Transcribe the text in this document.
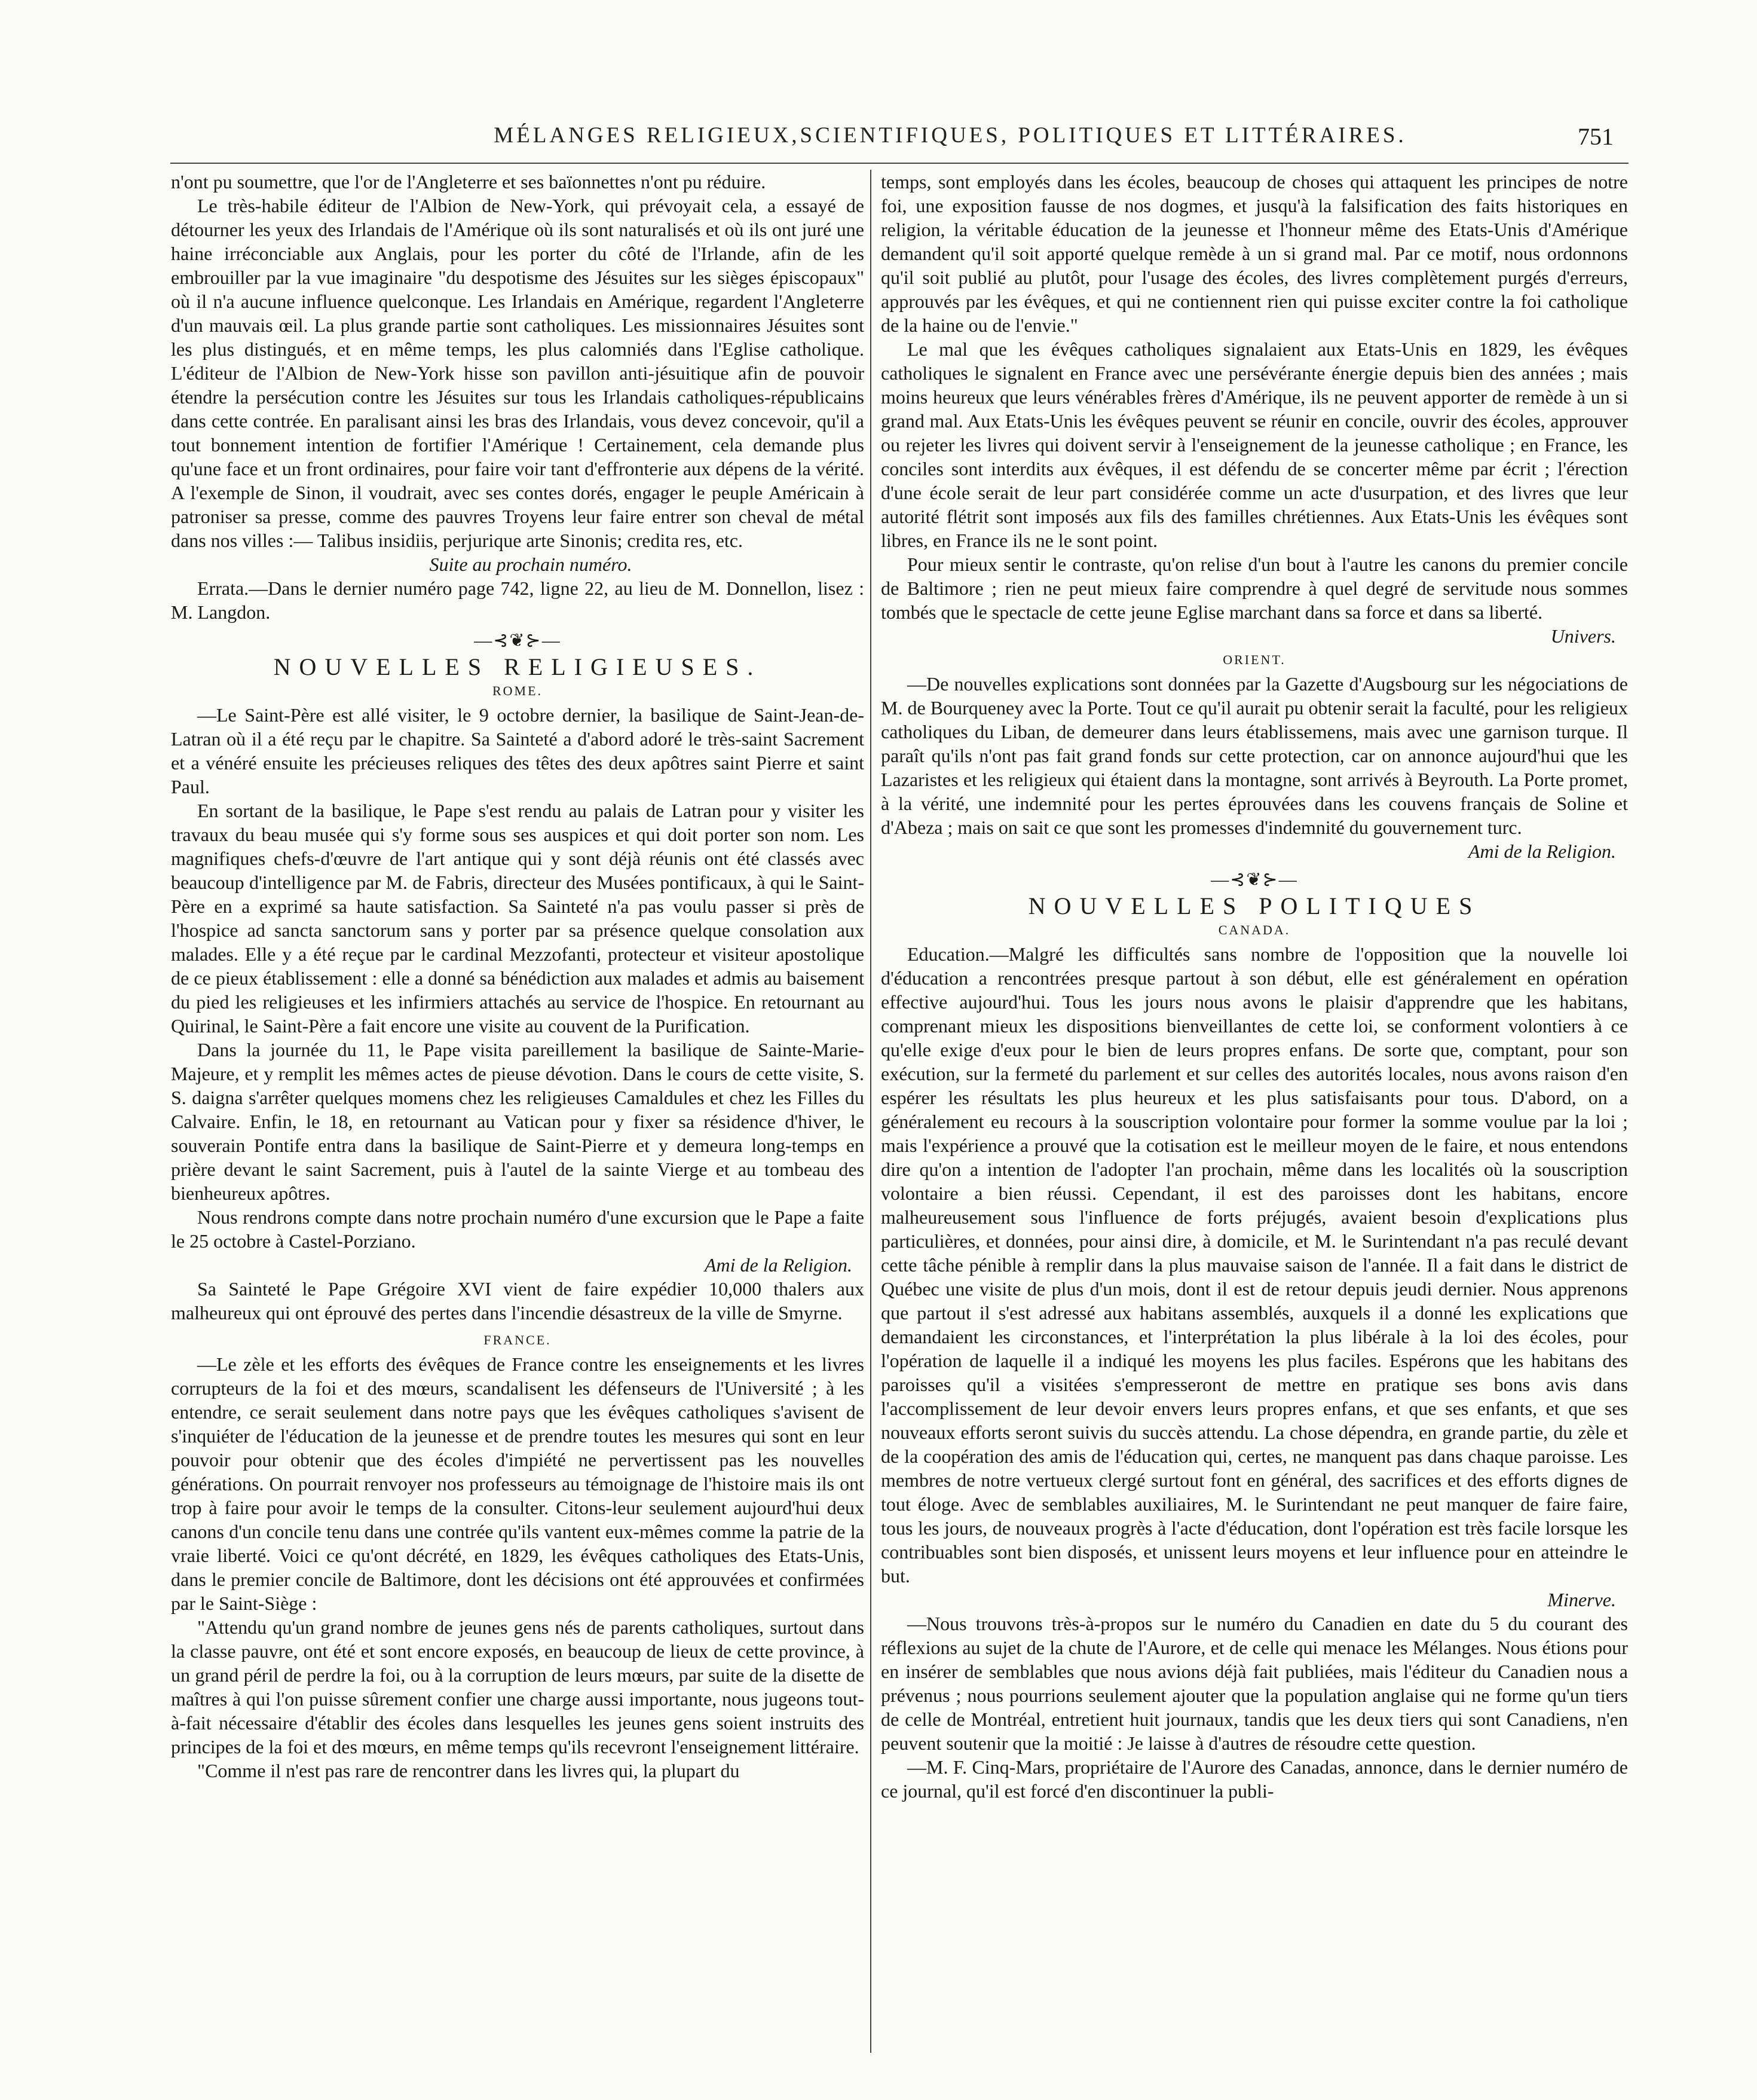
MÉLANGES RELIGIEUX,SCIENTIFIQUES, POLITIQUES ET LITTÉRAIRES.	751

n'ont pu soumettre, que l'or de l'Angleterre et ses baïonnettes n'ont pu réduire.

Le très-habile éditeur de l'Albion de New-York, qui prévoyait cela, a essayé de détourner les yeux des Irlandais de l'Amérique où ils sont naturalisés et où ils ont juré une haine irréconciable aux Anglais, pour les porter du côté de l'Irlande, afin de les embrouiller par la vue imaginaire "du despotisme des Jésuites sur les sièges épiscopaux" où il n'a aucune influence quelconque. Les Irlandais en Amérique, regardent l'Angleterre d'un mauvais œil. La plus grande partie sont catholiques. Les missionnaires Jésuites sont les plus distingués, et en même temps, les plus calomniés dans l'Eglise catholique. L'éditeur de l'Albion de New-York hisse son pavillon anti-jésuitique afin de pouvoir étendre la persécution contre les Jésuites sur tous les Irlandais catholiques-républicains dans cette contrée. En paralisant ainsi les bras des Irlandais, vous devez concevoir, qu'il a tout bonnement intention de fortifier l'Amérique ! Certainement, cela demande plus qu'une face et un front ordinaires, pour faire voir tant d'effronterie aux dépens de la vérité. A l'exemple de Sinon, il voudrait, avec ses contes dorés, engager le peuple Américain à patroniser sa presse, comme des pauvres Troyens leur faire entrer son cheval de métal dans nos villes :— Talibus insidiis, perjurique arte Sinonis; credita res, etc.

Suite au prochain numéro.

Errata.—Dans le dernier numéro page 742, ligne 22, au lieu de M. Donnellon, lisez : M. Langdon.

—⊰❦⊱—
NOUVELLES RELIGIEUSES.
ROME.

—Le Saint-Père est allé visiter, le 9 octobre dernier, la basilique de Saint-Jean-de-Latran où il a été reçu par le chapitre. Sa Sainteté a d'abord adoré le très-saint Sacrement et a vénéré ensuite les précieuses reliques des têtes des deux apôtres saint Pierre et saint Paul.

En sortant de la basilique, le Pape s'est rendu au palais de Latran pour y visiter les travaux du beau musée qui s'y forme sous ses auspices et qui doit porter son nom. Les magnifiques chefs-d'œuvre de l'art antique qui y sont déjà réunis ont été classés avec beaucoup d'intelligence par M. de Fabris, directeur des Musées pontificaux, à qui le Saint-Père en a exprimé sa haute satisfaction. Sa Sainteté n'a pas voulu passer si près de l'hospice ad sancta sanctorum sans y porter par sa présence quelque consolation aux malades. Elle y a été reçue par le cardinal Mezzofanti, protecteur et visiteur apostolique de ce pieux établissement : elle a donné sa bénédiction aux malades et admis au baisement du pied les religieuses et les infirmiers attachés au service de l'hospice. En retournant au Quirinal, le Saint-Père a fait encore une visite au couvent de la Purification.

Dans la journée du 11, le Pape visita pareillement la basilique de Sainte-Marie-Majeure, et y remplit les mêmes actes de pieuse dévotion. Dans le cours de cette visite, S. S. daigna s'arrêter quelques momens chez les religieuses Camaldules et chez les Filles du Calvaire. Enfin, le 18, en retournant au Vatican pour y fixer sa résidence d'hiver, le souverain Pontife entra dans la basilique de Saint-Pierre et y demeura long-temps en prière devant le saint Sacrement, puis à l'autel de la sainte Vierge et au tombeau des bienheureux apôtres.

Nous rendrons compte dans notre prochain numéro d'une excursion que le Pape a faite le 25 octobre à Castel-Porziano.

Ami de la Religion.

Sa Sainteté le Pape Grégoire XVI vient de faire expédier 10,000 thalers aux malheureux qui ont éprouvé des pertes dans l'incendie désastreux de la ville de Smyrne.

FRANCE.

—Le zèle et les efforts des évêques de France contre les enseignements et les livres corrupteurs de la foi et des mœurs, scandalisent les défenseurs de l'Université ; à les entendre, ce serait seulement dans notre pays que les évêques catholiques s'avisent de s'inquiéter de l'éducation de la jeunesse et de prendre toutes les mesures qui sont en leur pouvoir pour obtenir que des écoles d'impiété ne pervertissent pas les nouvelles générations. On pourrait renvoyer nos professeurs au témoignage de l'histoire mais ils ont trop à faire pour avoir le temps de la consulter. Citons-leur seulement aujourd'hui deux canons d'un concile tenu dans une contrée qu'ils vantent eux-mêmes comme la patrie de la vraie liberté. Voici ce qu'ont décrété, en 1829, les évêques catholiques des Etats-Unis, dans le premier concile de Baltimore, dont les décisions ont été approuvées et confirmées par le Saint-Siège :

"Attendu qu'un grand nombre de jeunes gens nés de parents catholiques, surtout dans la classe pauvre, ont été et sont encore exposés, en beaucoup de lieux de cette province, à un grand péril de perdre la foi, ou à la corruption de leurs mœurs, par suite de la disette de maîtres à qui l'on puisse sûrement confier une charge aussi importante, nous jugeons tout-à-fait nécessaire d'établir des écoles dans lesquelles les jeunes gens soient instruits des principes de la foi et des mœurs, en même temps qu'ils recevront l'enseignement littéraire.

"Comme il n'est pas rare de rencontrer dans les livres qui, la plupart du

temps, sont employés dans les écoles, beaucoup de choses qui attaquent les principes de notre foi, une exposition fausse de nos dogmes, et jusqu'à la falsification des faits historiques en religion, la véritable éducation de la jeunesse et l'honneur même des Etats-Unis d'Amérique demandent qu'il soit apporté quelque remède à un si grand mal. Par ce motif, nous ordonnons qu'il soit publié au plutôt, pour l'usage des écoles, des livres complètement purgés d'erreurs, approuvés par les évêques, et qui ne contiennent rien qui puisse exciter contre la foi catholique de la haine ou de l'envie."

Le mal que les évêques catholiques signalaient aux Etats-Unis en 1829, les évêques catholiques le signalent en France avec une persévérante énergie depuis bien des années ; mais moins heureux que leurs vénérables frères d'Amérique, ils ne peuvent apporter de remède à un si grand mal. Aux Etats-Unis les évêques peuvent se réunir en concile, ouvrir des écoles, approuver ou rejeter les livres qui doivent servir à l'enseignement de la jeunesse catholique ; en France, les conciles sont interdits aux évêques, il est défendu de se concerter même par écrit ; l'érection d'une école serait de leur part considérée comme un acte d'usurpation, et des livres que leur autorité flétrit sont imposés aux fils des familles chrétiennes. Aux Etats-Unis les évêques sont libres, en France ils ne le sont point.

Pour mieux sentir le contraste, qu'on relise d'un bout à l'autre les canons du premier concile de Baltimore ; rien ne peut mieux faire comprendre à quel degré de servitude nous sommes tombés que le spectacle de cette jeune Eglise marchant dans sa force et dans sa liberté.

Univers.
ORIENT.

—De nouvelles explications sont données par la Gazette d'Augsbourg sur les négociations de M. de Bourqueney avec la Porte. Tout ce qu'il aurait pu obtenir serait la faculté, pour les religieux catholiques du Liban, de demeurer dans leurs établissemens, mais avec une garnison turque. Il paraît qu'ils n'ont pas fait grand fonds sur cette protection, car on annonce aujourd'hui que les Lazaristes et les religieux qui étaient dans la montagne, sont arrivés à Beyrouth. La Porte promet, à la vérité, une indemnité pour les pertes éprouvées dans les couvens français de Soline et d'Abeza ; mais on sait ce que sont les promesses d'indemnité du gouvernement turc.

Ami de la Religion.
—⊰❦⊱—
NOUVELLES POLITIQUES
CANADA.

Education.—Malgré les difficultés sans nombre de l'opposition que la nouvelle loi d'éducation a rencontrées presque partout à son début, elle est généralement en opération effective aujourd'hui. Tous les jours nous avons le plaisir d'apprendre que les habitans, comprenant mieux les dispositions bienveillantes de cette loi, se conforment volontiers à ce qu'elle exige d'eux pour le bien de leurs propres enfans. De sorte que, comptant, pour son exécution, sur la fermeté du parlement et sur celles des autorités locales, nous avons raison d'en espérer les résultats les plus heureux et les plus satisfaisants pour tous. D'abord, on a généralement eu recours à la souscription volontaire pour former la somme voulue par la loi ; mais l'expérience a prouvé que la cotisation est le meilleur moyen de le faire, et nous entendons dire qu'on a intention de l'adopter l'an prochain, même dans les localités où la souscription volontaire a bien réussi. Cependant, il est des paroisses dont les habitans, encore malheureusement sous l'influence de forts préjugés, avaient besoin d'explications plus particulières, et données, pour ainsi dire, à domicile, et M. le Surintendant n'a pas reculé devant cette tâche pénible à remplir dans la plus mauvaise saison de l'année. Il a fait dans le district de Québec une visite de plus d'un mois, dont il est de retour depuis jeudi dernier. Nous apprenons que partout il s'est adressé aux habitans assemblés, auxquels il a donné les explications que demandaient les circonstances, et l'interprétation la plus libérale à la loi des écoles, pour l'opération de laquelle il a indiqué les moyens les plus faciles. Espérons que les habitans des paroisses qu'il a visitées s'empresseront de mettre en pratique ses bons avis dans l'accomplissement de leur devoir envers leurs propres enfans, et que ses enfants, et que ses nouveaux efforts seront suivis du succès attendu. La chose dépendra, en grande partie, du zèle et de la coopération des amis de l'éducation qui, certes, ne manquent pas dans chaque paroisse. Les membres de notre vertueux clergé surtout font en général, des sacrifices et des efforts dignes de tout éloge. Avec de semblables auxiliaires, M. le Surintendant ne peut manquer de faire faire, tous les jours, de nouveaux progrès à l'acte d'éducation, dont l'opération est très facile lorsque les contribuables sont bien disposés, et unissent leurs moyens et leur influence pour en atteindre le but.

Minerve.

—Nous trouvons très-à-propos sur le numéro du Canadien en date du 5 du courant des réflexions au sujet de la chute de l'Aurore, et de celle qui menace les Mélanges. Nous étions pour en insérer de semblables que nous avions déjà fait publiées, mais l'éditeur du Canadien nous a prévenus ; nous pourrions seulement ajouter que la population anglaise qui ne forme qu'un tiers de celle de Montréal, entretient huit journaux, tandis que les deux tiers qui sont Canadiens, n'en peuvent soutenir que la moitié : Je laisse à d'autres de résoudre cette question.

—M. F. Cinq-Mars, propriétaire de l'Aurore des Canadas, annonce, dans le dernier numéro de ce journal, qu'il est forcé d'en discontinuer la publi-
